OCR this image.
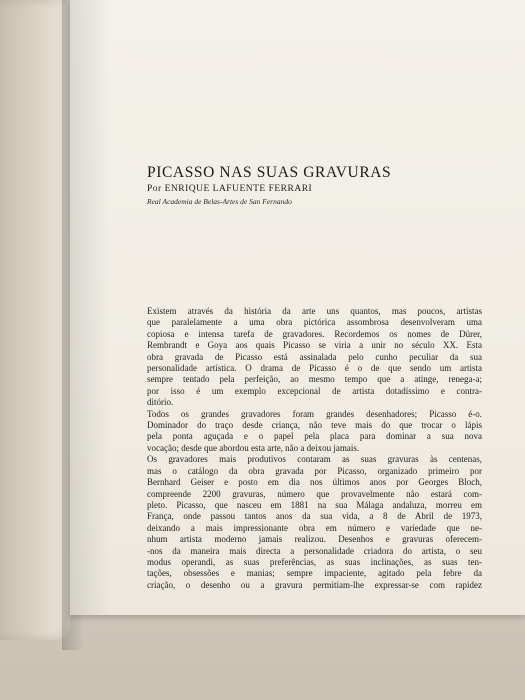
PICASSO NAS SUAS GRAVURAS

Por ENRIQUE LAFUENTE FERRARI

Real Academia de Belas-Artes de San Fernando

Existem através da história da arte uns quantos, mas poucos, artistas
que paralelamente a uma obra pictórica assombrosa desenvolveram uma
copiosa e intensa tarefa de gravadores. Recordemos os nomes de Dürer,
Rembrandt e Goya aos quais Picasso se viria a unir no século XX. Esta
obra gravada de Picasso está assinalada pelo cunho peculiar da sua
personalidade artística. O drama de Picasso é o de que sendo um artista
sempre tentado pela perfeição, ao mesmo tempo que a atinge, renega-a;
por isso é um exemplo excepcional de artista dotadíssimo e contra-
ditório.
Todos os grandes gravadores foram grandes desenhadores; Picasso é-o.
Dominador do traço desde criança, não teve mais do que trocar o lápis
pela ponta aguçada e o papel pela placa para dominar a sua nova
vocação; desde que abordou esta arte, não a deixou jamais.
Os gravadores mais produtivos contaram as suas gravuras às centenas,
mas o catálogo da obra gravada por Picasso, organizado primeiro por
Bernhard Geiser e posto em dia nos últimos anos por Georges Bloch,
compreende 2200 gravuras, número que provavelmente não estará com-
pleto. Picasso, que nasceu em 1881 na sua Málaga andaluza, morreu em
França, onde passou tantos anos da sua vida, a 8 de Abril de 1973,
deixando a mais impressionante obra em número e variedade que ne-
nhum artista moderno jamais realizou. Desenhos e gravuras oferecem-
-nos da maneira mais directa a personalidade criadora do artista, o seu
modus operandi, as suas preferências, as suas inclinações, as suas ten-
tações, obsessões e manias; sempre impaciente, agitado pela febre da
criação, o desenho ou a gravura permitiam-lhe expressar-se com rapidez
